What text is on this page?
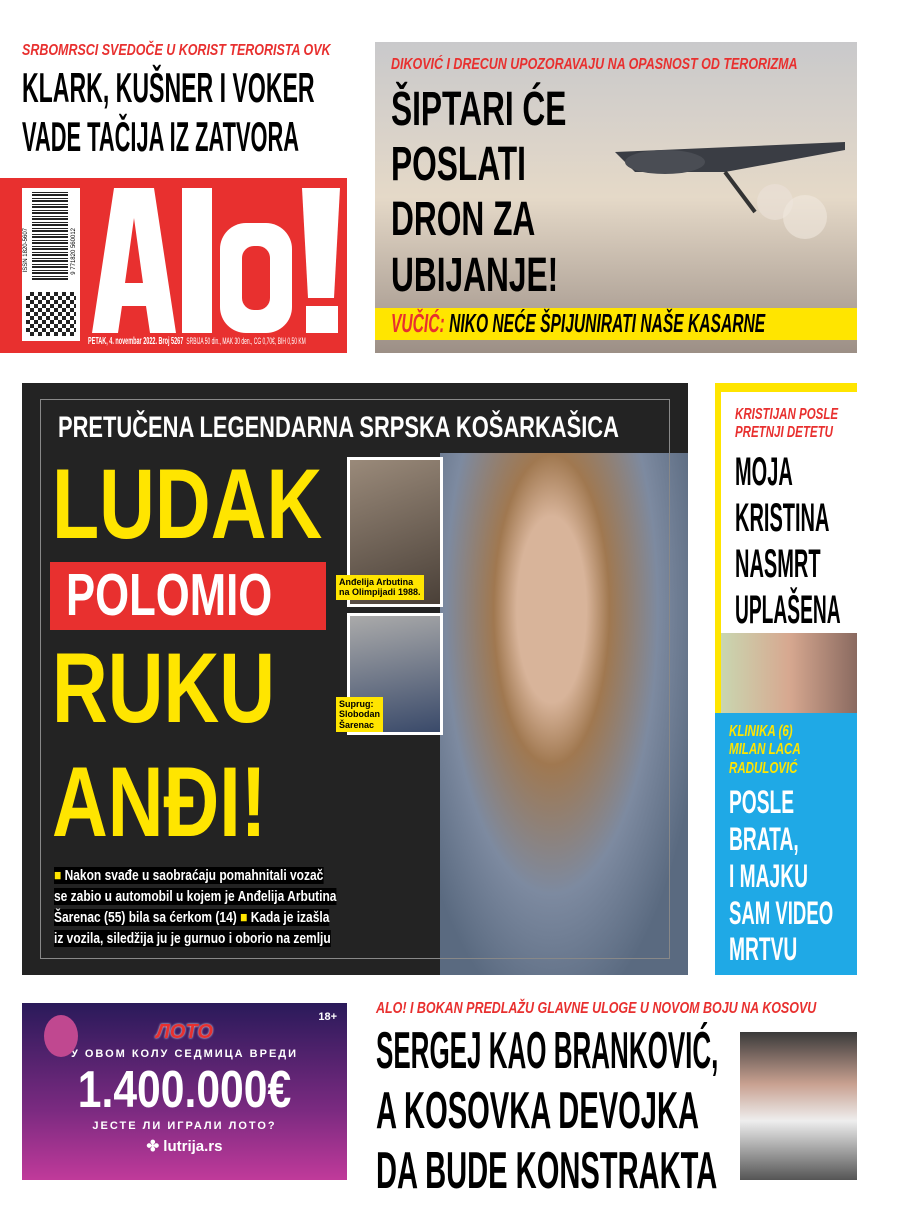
SRBOMRSCI SVEDOČE U KORIST TERORISTA OVK
KLARK, KUŠNER I VOKER
VADE TAČIJA IZ ZATVORA
ISSN 1820-5607	9 771820 560012
PETAK, 4. novembar 2022. Broj 5267 SRBIJA 50 din., MAK 30 den., CG 0,70€, BIH 0,50 KM
DIKOVIĆ I DRECUN UPOZORAVAJU NA OPASNOST OD TERORIZMA
ŠIPTARI ĆE
POSLATI
DRON ZA
UBIJANJE!
VUČIĆ: NIKO NEĆE ŠPIJUNIRATI NAŠE KASARNE
PRETUČENA LEGENDARNA SRPSKA KOŠARKAŠICA
LUDAK
POLOMIO
RUKU
ANĐI!
Anđelija Arbutina
na Olimpijadi 1988.
Suprug:
Slobodan
Šarenac
■ Nakon svađe u saobraćaju pomahnitali vozač
se zabio u automobil u kojem je Anđelija Arbutina
Šarenac (55) bila sa ćerkom (14) ■ Kada je izašla
iz vozila, siledžija ju je gurnuo i oborio na zemlju
KRISTIJAN POSLE
PRETNJI DETETU
MOJA
KRISTINA
NASMRT
UPLAŠENA
KLINIKA (6)
MILAN LACA
RADULOVIĆ
POSLE
BRATA,
I MAJKU
SAM VIDEO
MRTVU
18+
ЛОТО
У ОВОМ КОЛУ СЕДМИЦА ВРЕДИ
1.400.000€
ЈЕСТЕ ЛИ ИГРАЛИ ЛОТО?
✤ lutrija.rs
ALO! I BOKAN PREDLAŽU GLAVNE ULOGE U NOVOM BOJU NA KOSOVU
SERGEJ KAO BRANKOVIĆ,
A KOSOVKA DEVOJKA
DA BUDE KONSTRAKTA
